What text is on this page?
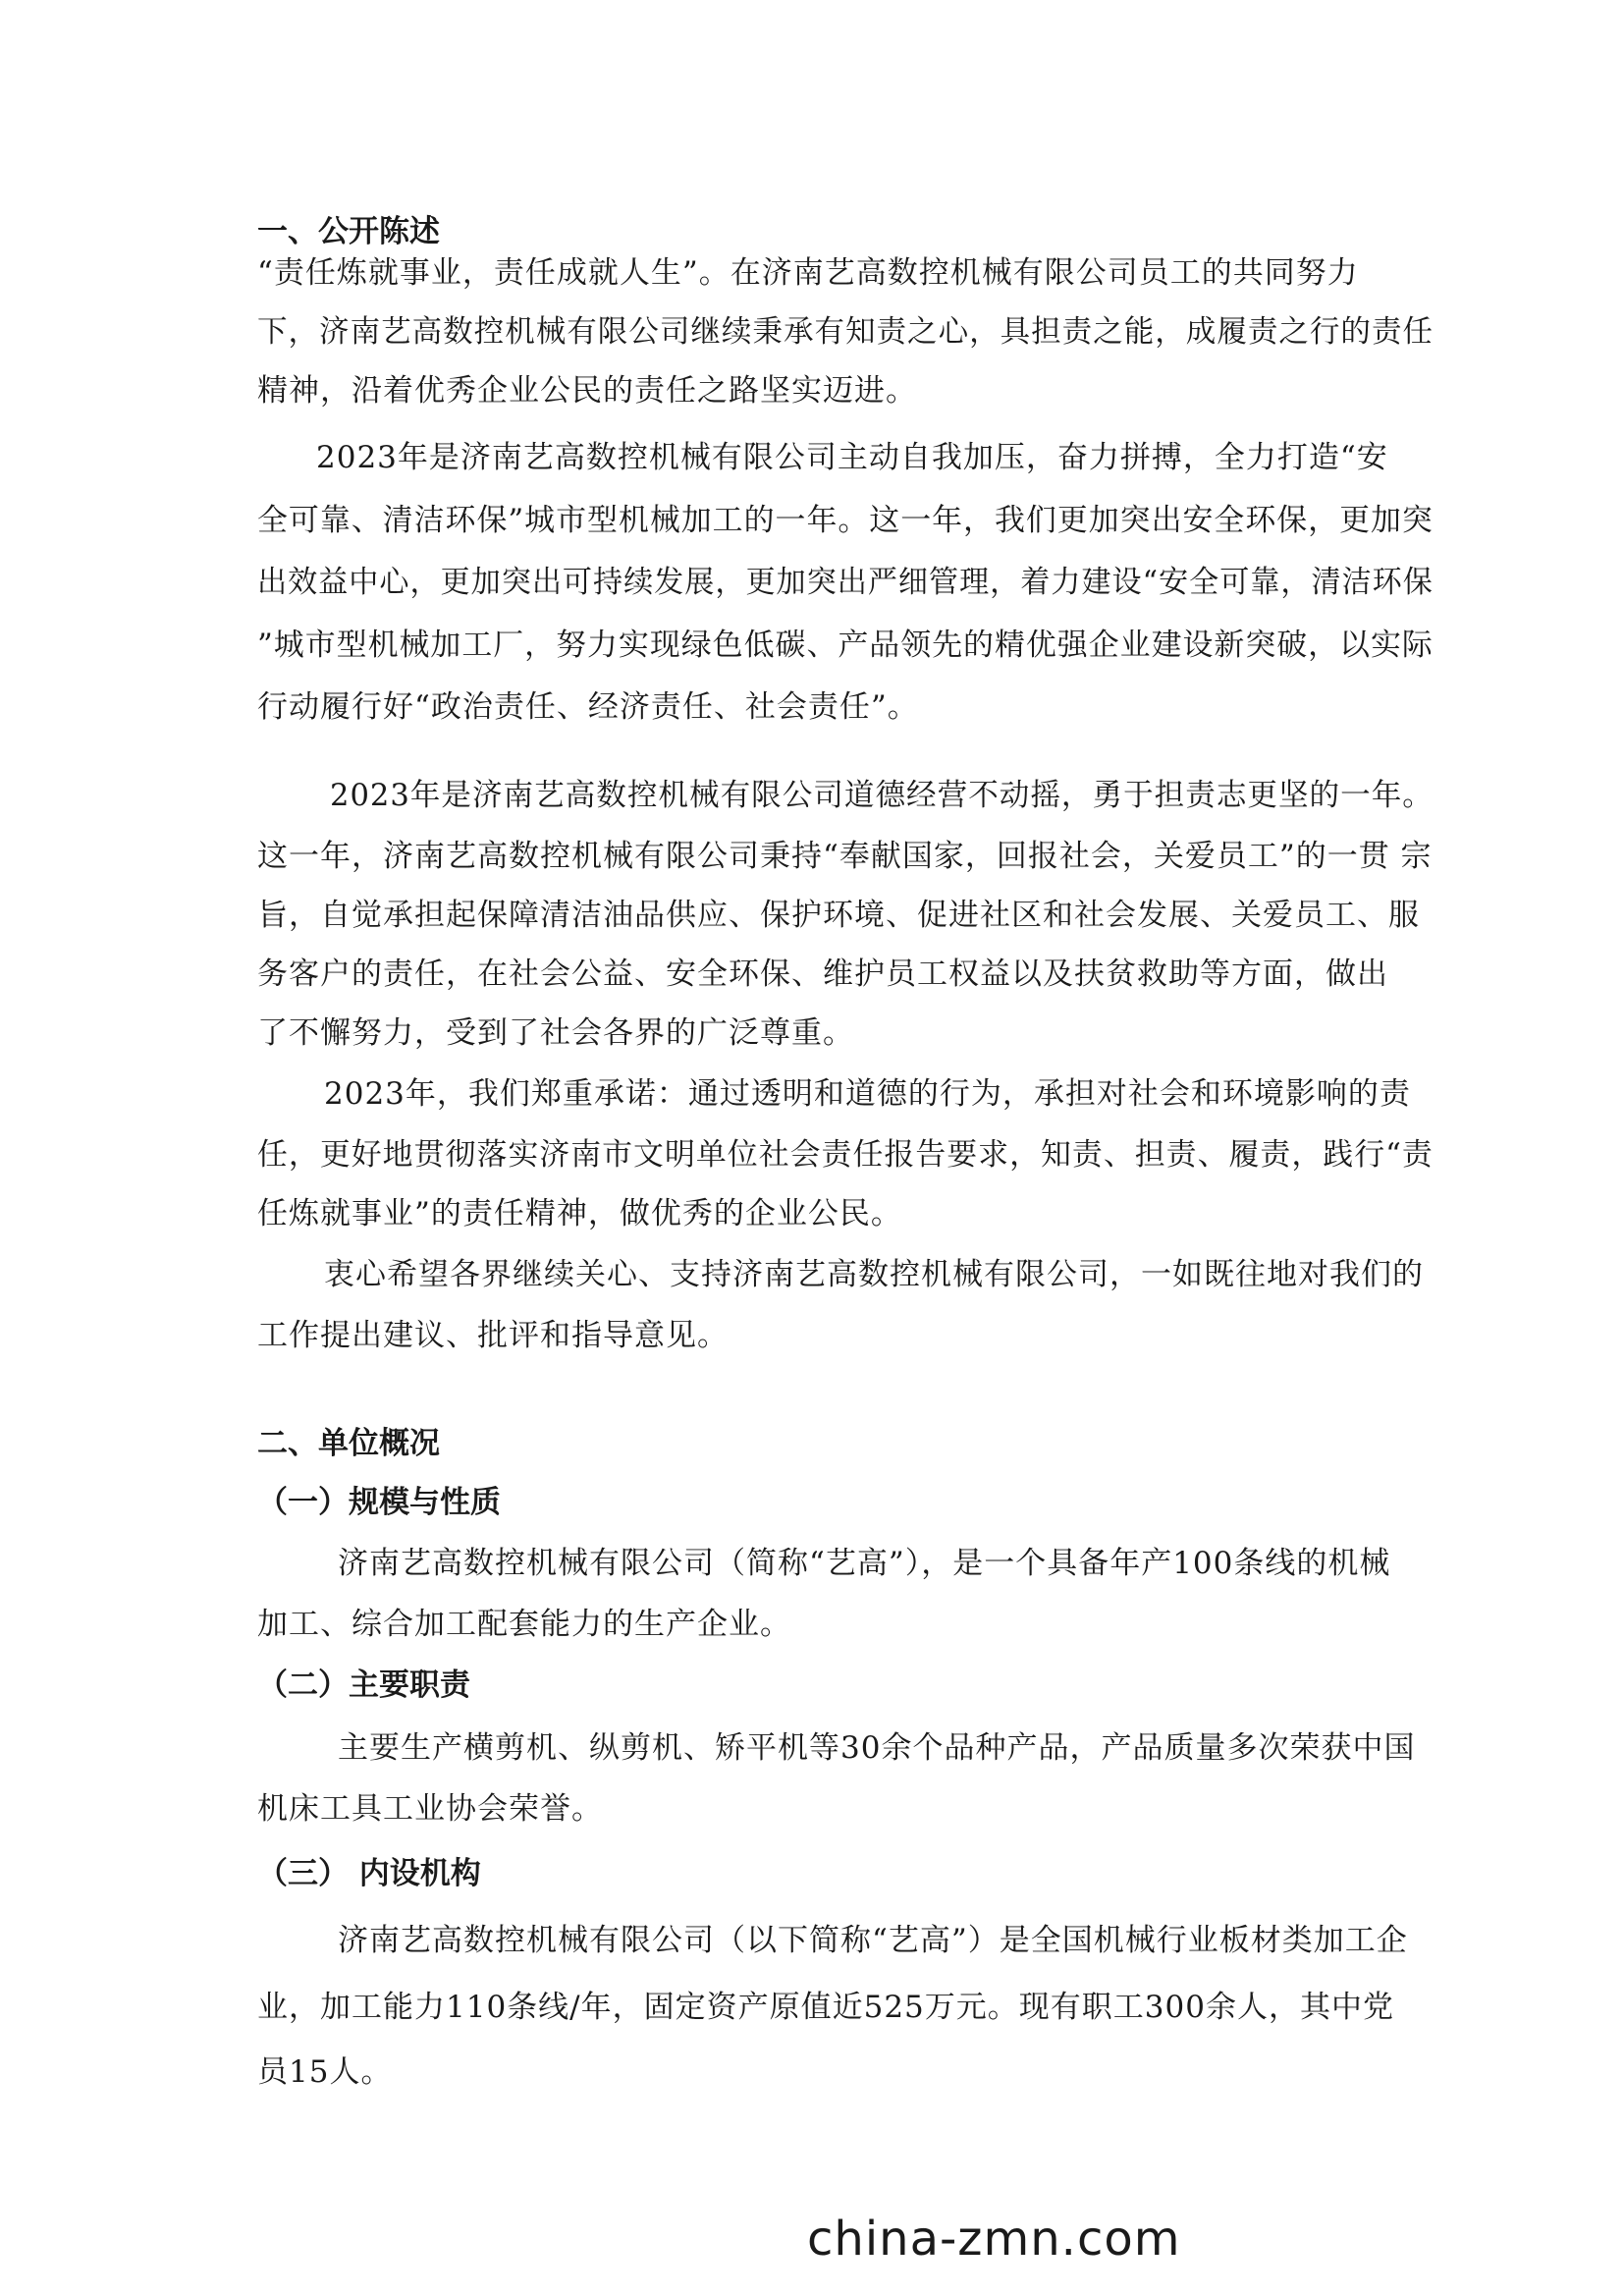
一、公开陈述
“责任炼就事业，责任成就人生”。在济南艺高数控机械有限公司员工的共同努力
下，济南艺高数控机械有限公司继续秉承有知责之心，具担责之能，成履责之行的责任
精神，沿着优秀企业公民的责任之路坚实迈进。
2023年是济南艺高数控机械有限公司主动自我加压，奋力拼搏，全力打造“安
全可靠、清洁环保”城市型机械加工的一年。这一年，我们更加突出安全环保，更加突
出效益中心，更加突出可持续发展，更加突出严细管理，着力建设“安全可靠，清洁环保
”城市型机械加工厂，努力实现绿色低碳、产品领先的精优强企业建设新突破，以实际
行动履行好“政治责任、经济责任、社会责任”。
2023年是济南艺高数控机械有限公司道德经营不动摇，勇于担责志更坚的一年。
这一年，济南艺高数控机械有限公司秉持“奉献国家，回报社会，关爱员工”的一贯 宗
旨，自觉承担起保障清洁油品供应、保护环境、促进社区和社会发展、关爱员工、服
务客户的责任，在社会公益、安全环保、维护员工权益以及扶贫救助等方面，做出
了不懈努力，受到了社会各界的广泛尊重。
2023年，我们郑重承诺：通过透明和道德的行为，承担对社会和环境影响的责
任，更好地贯彻落实济南市文明单位社会责任报告要求，知责、担责、履责，践行“责
任炼就事业”的责任精神，做优秀的企业公民。
衷心希望各界继续关心、支持济南艺高数控机械有限公司，一如既往地对我们的
工作提出建议、批评和指导意见。
二、单位概况
（一）规模与性质
济南艺高数控机械有限公司（简称“艺高”），是一个具备年产100条线的机械
加工、综合加工配套能力的生产企业。
（二）主要职责
主要生产横剪机、纵剪机、矫平机等30余个品种产品，产品质量多次荣获中国
机床工具工业协会荣誉。
（三） 内设机构
济南艺高数控机械有限公司（以下简称“艺高”）是全国机械行业板材类加工企
业，加工能力110条线/年，固定资产原值近525万元。现有职工300余人，其中党
员15人。
china-zmn.com
